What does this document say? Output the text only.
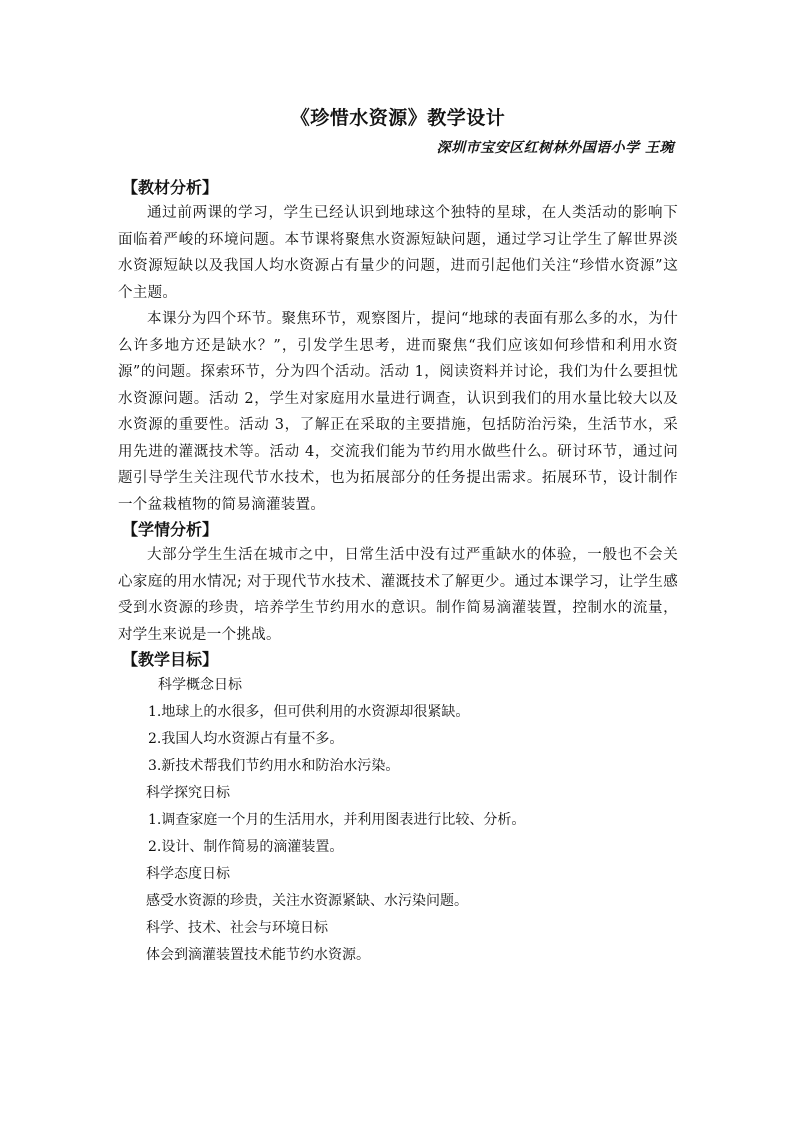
《珍惜水资源》教学设计

深圳市宝安区红树林外国语小学 王琬

【教材分析】

通过前两课的学习，学生已经认识到地球这个独特的星球，在人类活动的影响下面临着严峻的环境问题。本节课将聚焦水资源短缺问题，通过学习让学生了解世界淡水资源短缺以及我国人均水资源占有量少的问题，进而引起他们关注“珍惜水资源”这个主题。

本课分为四个环节。聚焦环节，观察图片，提问“地球的表面有那么多的水，为什么许多地方还是缺水？”，引发学生思考，进而聚焦“我们应该如何珍惜和利用水资源”的问题。探索环节，分为四个活动。活动 1，阅读资料并讨论，我们为什么要担忧水资源问题。活动 2，学生对家庭用水量进行调查，认识到我们的用水量比较大以及水资源的重要性。活动 3，了解正在采取的主要措施，包括防治污染，生活节水，采用先进的灌溉技术等。活动 4，交流我们能为节约用水做些什么。研讨环节，通过问题引导学生关注现代节水技术，也为拓展部分的任务提出需求。拓展环节，设计制作一个盆栽植物的简易滴灌装置。

【学情分析】

大部分学生生活在城市之中，日常生活中没有过严重缺水的体验，一般也不会关心家庭的用水情况; 对于现代节水技术、灌溉技术了解更少。通过本课学习，让学生感受到水资源的珍贵，培养学生节约用水的意识。制作简易滴灌装置，控制水的流量，对学生来说是一个挑战。

【教学目标】

科学概念日标

1.地球上的水很多，但可供利用的水资源却很紧缺。

2.我国人均水资源占有量不多。

3.新技术帮我们节约用水和防治水污染。

科学探究日标

1.调查家庭一个月的生活用水，并利用图表进行比较、分析。

2.设计、制作简易的滴灌装置。

科学态度日标

感受水资源的珍贵，关注水资源紧缺、水污染问题。

科学、技术、社会与环境日标

体会到滴灌装置技术能节约水资源。
